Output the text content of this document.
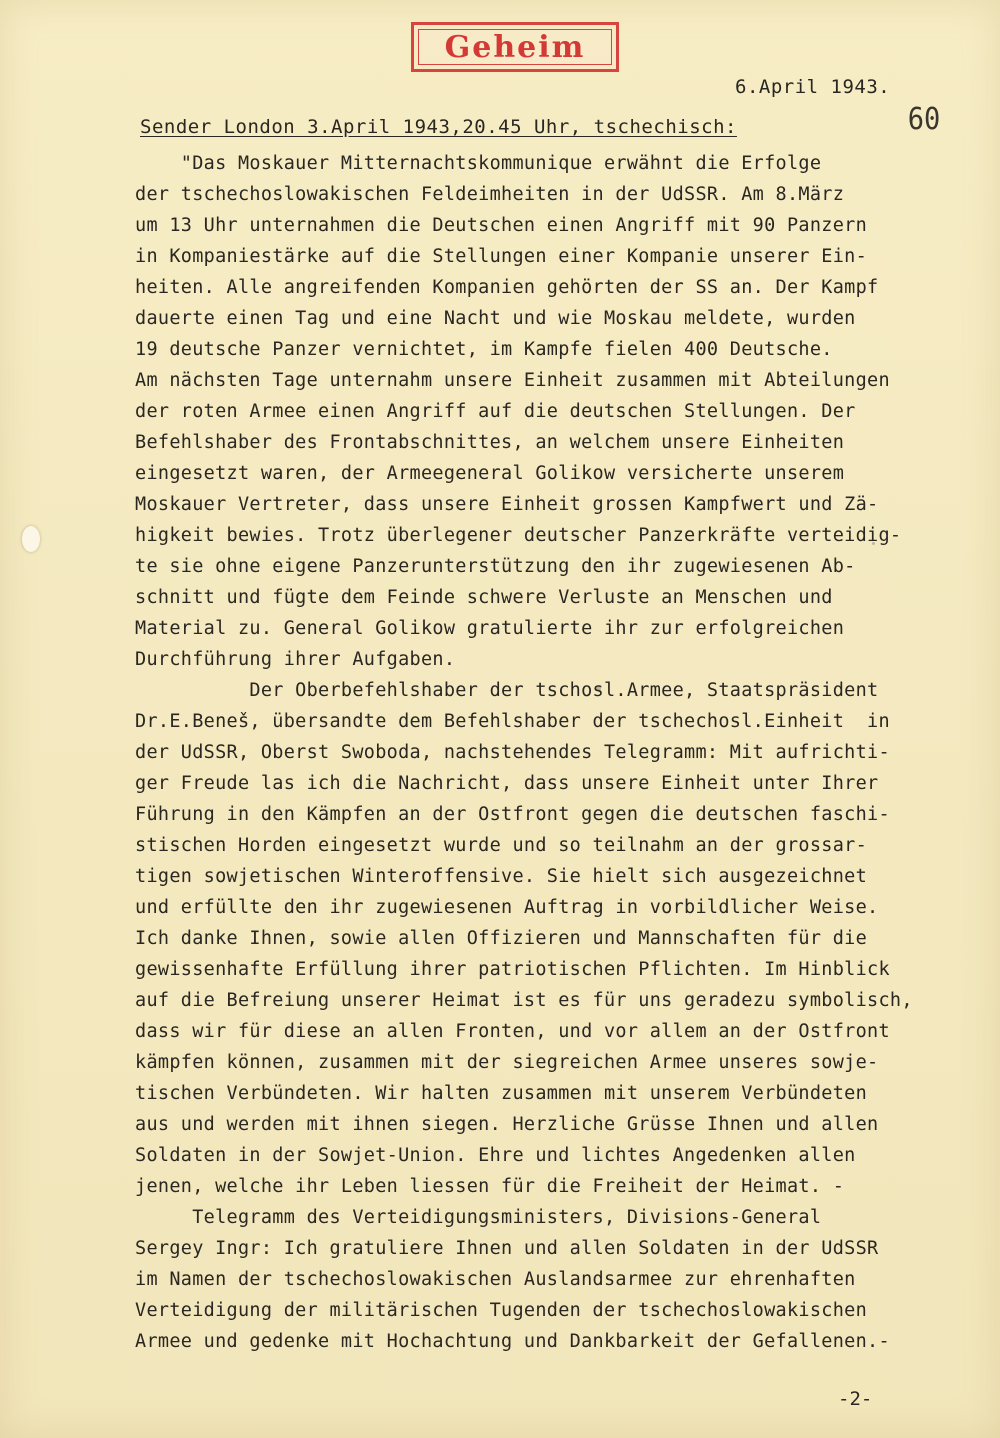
Geheim
6.April 1943.
60
Sender London 3.April 1943,20.45 Uhr, tschechisch:
"Das Moskauer Mitternachtskommunique erwähnt die Erfolge
der tschechoslowakischen Feldeimheiten in der UdSSR. Am 8.März
um 13 Uhr unternahmen die Deutschen einen Angriff mit 90 Panzern
in Kompaniestärke auf die Stellungen einer Kompanie unserer Ein-
heiten. Alle angreifenden Kompanien gehörten der SS an. Der Kampf
dauerte einen Tag und eine Nacht und wie Moskau meldete, wurden
19 deutsche Panzer vernichtet, im Kampfe fielen 400 Deutsche.
Am nächsten Tage unternahm unsere Einheit zusammen mit Abteilungen
der roten Armee einen Angriff auf die deutschen Stellungen. Der
Befehlshaber des Frontabschnittes, an welchem unsere Einheiten
eingesetzt waren, der Armeegeneral Golikow versicherte unserem
Moskauer Vertreter, dass unsere Einheit grossen Kampfwert und Zä-
higkeit bewies. Trotz überlegener deutscher Panzerkräfte verteidig-
te sie ohne eigene Panzerunterstützung den ihr zugewiesenen Ab-
schnitt und fügte dem Feinde schwere Verluste an Menschen und
Material zu. General Golikow gratulierte ihr zur erfolgreichen
Durchführung ihrer Aufgaben.
Der Oberbefehlshaber der tschosl.Armee, Staatspräsident
Dr.E.Beneš, übersandte dem Befehlshaber der tschechosl.Einheit  in
der UdSSR, Oberst Swoboda, nachstehendes Telegramm: Mit aufrichti-
ger Freude las ich die Nachricht, dass unsere Einheit unter Ihrer
Führung in den Kämpfen an der Ostfront gegen die deutschen faschi-
stischen Horden eingesetzt wurde und so teilnahm an der grossar-
tigen sowjetischen Winteroffensive. Sie hielt sich ausgezeichnet
und erfüllte den ihr zugewiesenen Auftrag in vorbildlicher Weise.
Ich danke Ihnen, sowie allen Offizieren und Mannschaften für die
gewissenhafte Erfüllung ihrer patriotischen Pflichten. Im Hinblick
auf die Befreiung unserer Heimat ist es für uns geradezu symbolisch,
dass wir für diese an allen Fronten, und vor allem an der Ostfront
kämpfen können, zusammen mit der siegreichen Armee unseres sowje-
tischen Verbündeten. Wir halten zusammen mit unserem Verbündeten
aus und werden mit ihnen siegen. Herzliche Grüsse Ihnen und allen
Soldaten in der Sowjet-Union. Ehre und lichtes Angedenken allen
jenen, welche ihr Leben liessen für die Freiheit der Heimat. -
Telegramm des Verteidigungsministers, Divisions-General
Sergey Ingr: Ich gratuliere Ihnen und allen Soldaten in der UdSSR
im Namen der tschechoslowakischen Auslandsarmee zur ehrenhaften
Verteidigung der militärischen Tugenden der tschechoslowakischen
Armee und gedenke mit Hochachtung und Dankbarkeit der Gefallenen.-
-2-
